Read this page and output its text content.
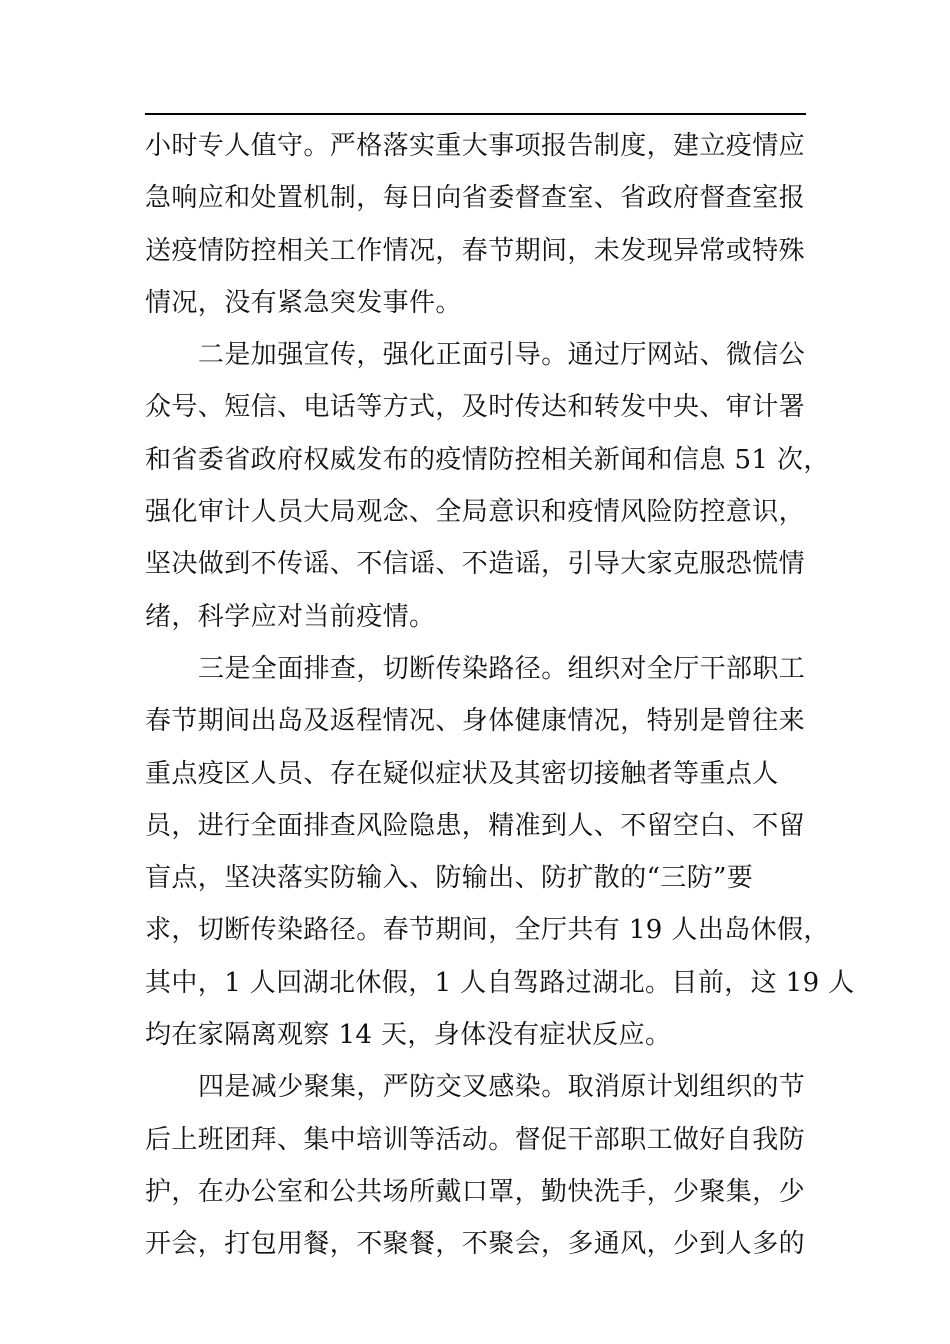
小时专人值守。严格落实重大事项报告制度，建立疫情应
急响应和处置机制，每日向省委督查室、省政府督查室报
送疫情防控相关工作情况，春节期间，未发现异常或特殊
情况，没有紧急突发事件。
二是加强宣传，强化正面引导。通过厅网站、微信公
众号、短信、电话等方式，及时传达和转发中央、审计署
和省委省政府权威发布的疫情防控相关新闻和信息 51 次，
强化审计人员大局观念、全局意识和疫情风险防控意识，
坚决做到不传谣、不信谣、不造谣，引导大家克服恐慌情
绪，科学应对当前疫情。
三是全面排查，切断传染路径。组织对全厅干部职工
春节期间出岛及返程情况、身体健康情况，特别是曾往来
重点疫区人员、存在疑似症状及其密切接触者等重点人
员，进行全面排查风险隐患，精准到人、不留空白、不留
盲点，坚决落实防输入、防输出、防扩散的“三防”要
求，切断传染路径。春节期间，全厅共有 19 人出岛休假，
其中，1 人回湖北休假，1 人自驾路过湖北。目前，这 19 人
均在家隔离观察 14 天，身体没有症状反应。
四是减少聚集，严防交叉感染。取消原计划组织的节
后上班团拜、集中培训等活动。督促干部职工做好自我防
护，在办公室和公共场所戴口罩，勤快洗手，少聚集，少
开会，打包用餐，不聚餐，不聚会，多通风，少到人多的
